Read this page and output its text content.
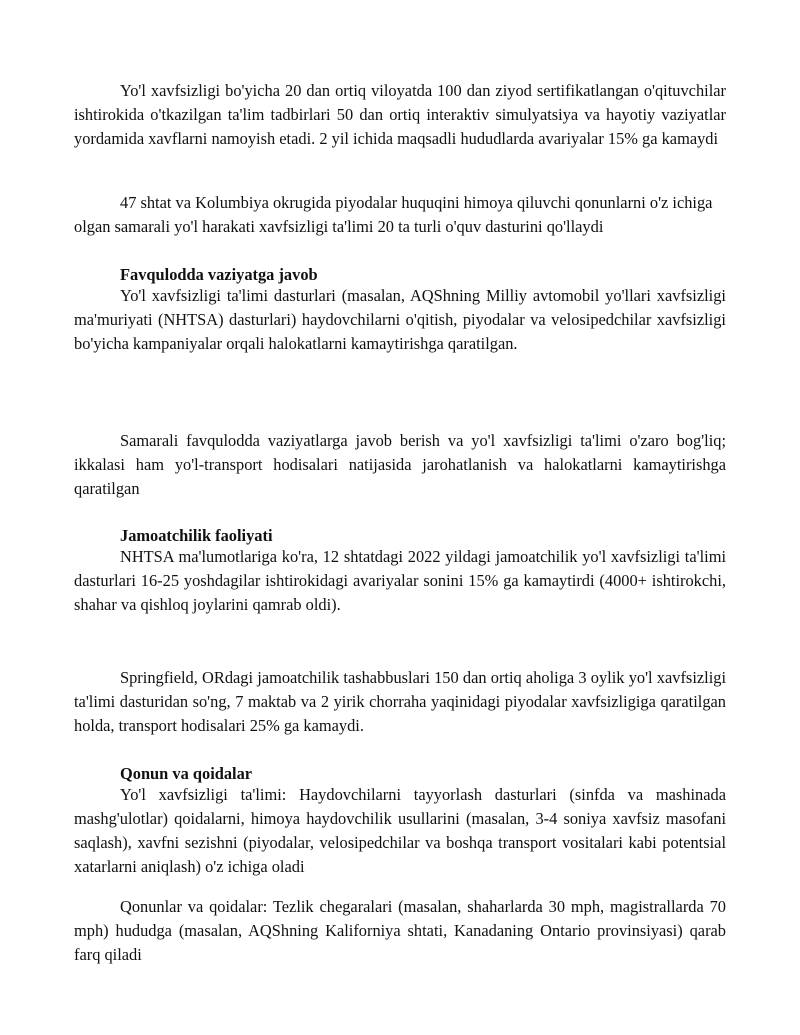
Yo'l xavfsizligi bo'yicha 20 dan ortiq viloyatda 100 dan ziyod sertifikatlangan o'qituvchilar ishtirokida o'tkazilgan ta'lim tadbirlari 50 dan ortiq interaktiv simulyatsiya va hayotiy vaziyatlar yordamida xavflarni namoyish etadi. 2 yil ichida maqsadli hududlarda avariyalar 15% ga kamaydi

47 shtat va Kolumbiya okrugida piyodalar huquqini himoya qiluvchi qonunlarni o'z ichiga olgan samarali yo'l harakati xavfsizligi ta'limi 20 ta turli o'quv dasturini qo'llaydi

Favqulodda vaziyatga javob

Yo'l xavfsizligi ta'limi dasturlari (masalan, AQShning Milliy avtomobil yo'llari xavfsizligi ma'muriyati (NHTSA) dasturlari) haydovchilarni o'qitish, piyodalar va velosipedchilar xavfsizligi bo'yicha kampaniyalar orqali halokatlarni kamaytirishga qaratilgan.

Samarali favqulodda vaziyatlarga javob berish va yo'l xavfsizligi ta'limi o'zaro bog'liq; ikkalasi ham yo'l-transport hodisalari natijasida jarohatlanish va halokatlarni kamaytirishga qaratilgan

Jamoatchilik faoliyati

NHTSA ma'lumotlariga ko'ra, 12 shtatdagi 2022 yildagi jamoatchilik yo'l xavfsizligi ta'limi dasturlari 16-25 yoshdagilar ishtirokidagi avariyalar sonini 15% ga kamaytirdi (4000+ ishtirokchi, shahar va qishloq joylarini qamrab oldi).

Springfield, ORdagi jamoatchilik tashabbuslari 150 dan ortiq aholiga 3 oylik yo'l xavfsizligi ta'limi dasturidan so'ng, 7 maktab va 2 yirik chorraha yaqinidagi piyodalar xavfsizligiga qaratilgan holda, transport hodisalari 25% ga kamaydi.

Qonun va qoidalar

Yo'l xavfsizligi ta'limi: Haydovchilarni tayyorlash dasturlari (sinfda va mashinada mashg'ulotlar) qoidalarni, himoya haydovchilik usullarini (masalan, 3-4 soniya xavfsiz masofani saqlash), xavfni sezishni (piyodalar, velosipedchilar va boshqa transport vositalari kabi potentsial xatarlarni aniqlash) o'z ichiga oladi

Qonunlar va qoidalar: Tezlik chegaralari (masalan, shaharlarda 30 mph, magistrallarda 70 mph) hududga (masalan, AQShning Kaliforniya shtati, Kanadaning Ontario provinsiyasi) qarab farq qiladi
